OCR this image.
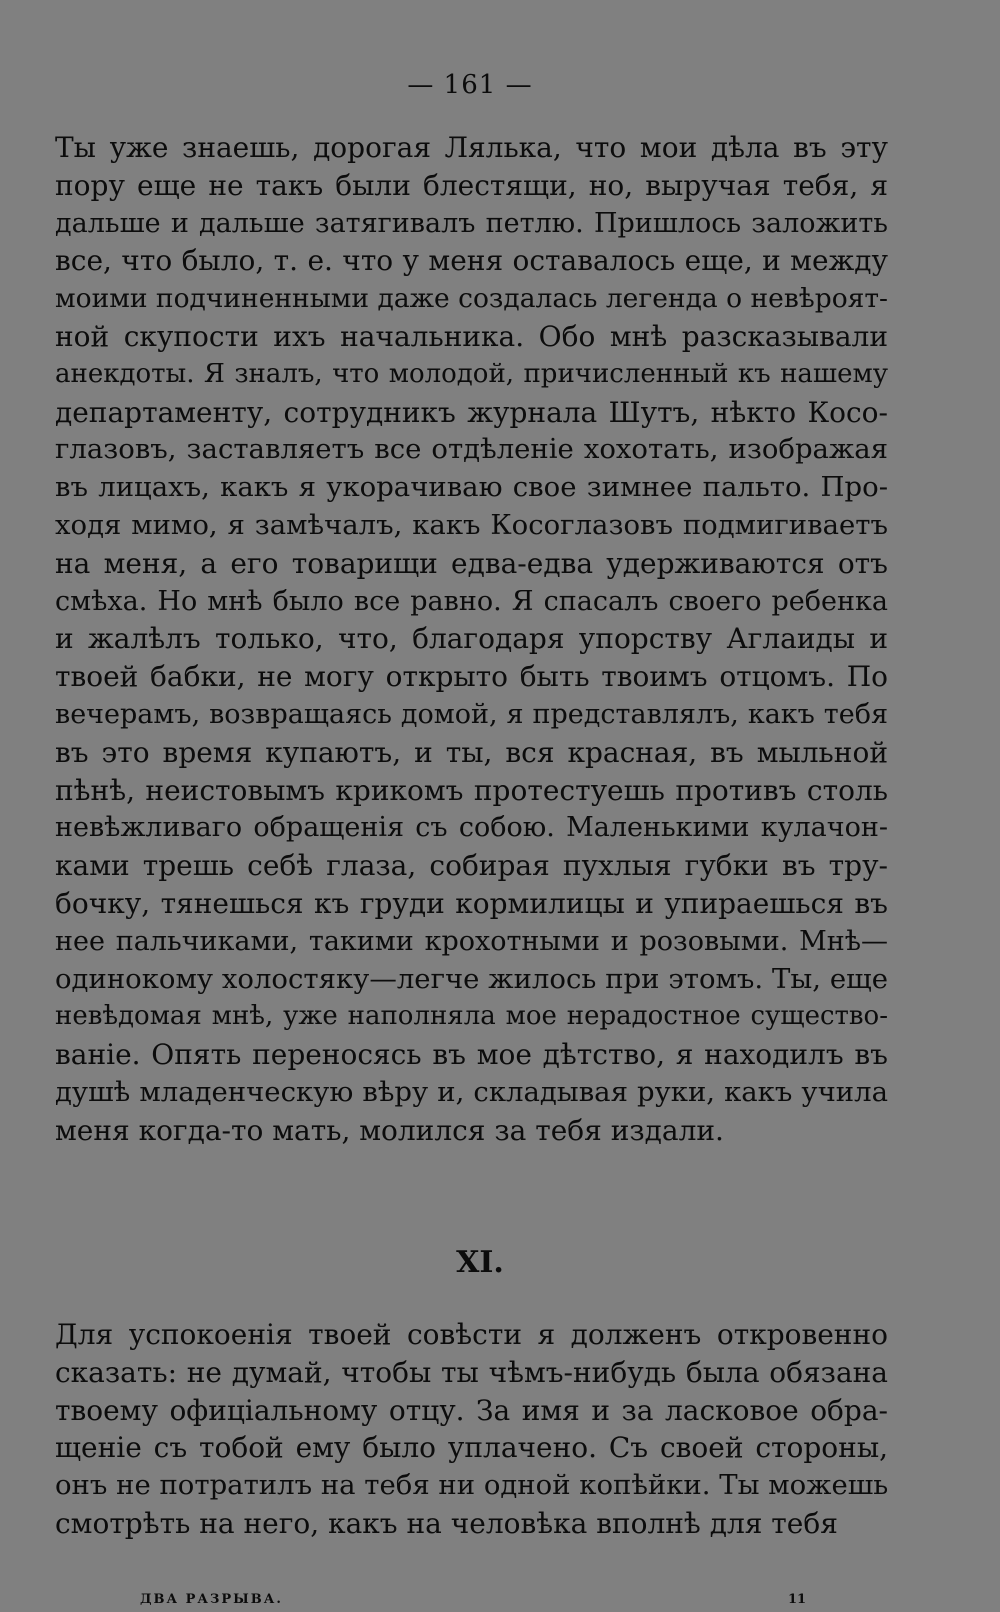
— 161 —
Ты уже знаешь, дорогая Лялька, что мои дѣла въ эту
пору еще не такъ были блестящи, но, выручая тебя, я
дальше и дальше затягивалъ петлю. Пришлось заложить
все, что было, т. е. что у меня оставалось еще, и между
моими подчиненными даже создалась легенда о невѣроят-
ной скупости ихъ начальника. Обо мнѣ разсказывали
анекдоты. Я зналъ, что молодой, причисленный къ нашему
департаменту, сотрудникъ журнала Шутъ, нѣкто Косо-
глазовъ, заставляетъ все отдѣленіе хохотать, изображая
въ лицахъ, какъ я укорачиваю свое зимнее пальто. Про-
ходя мимо, я замѣчалъ, какъ Косоглазовъ подмигиваетъ
на меня, а его товарищи едва-едва удерживаются отъ
смѣха. Но мнѣ было все равно. Я спасалъ своего ребенка
и жалѣлъ только, что, благодаря упорству Аглаиды и
твоей бабки, не могу открыто быть твоимъ отцомъ. По
вечерамъ, возвращаясь домой, я представлялъ, какъ тебя
въ это время купаютъ, и ты, вся красная, въ мыльной
пѣнѣ, неистовымъ крикомъ протестуешь противъ столь
невѣжливаго обращенія съ собою. Маленькими кулачон-
ками трешь себѣ глаза, собирая пухлыя губки въ тру-
бочку, тянешься къ груди кормилицы и упираешься въ
нее пальчиками, такими крохотными и розовыми. Мнѣ—
одинокому холостяку—легче жилось при этомъ. Ты, еще
невѣдомая мнѣ, уже наполняла мое нерадостное существо-
ваніе. Опять переносясь въ мое дѣтство, я находилъ въ
душѣ младенческую вѣру и, складывая руки, какъ учила
меня когда-то мать, молился за тебя издали.
XI.
Для успокоенія твоей совѣсти я долженъ откровенно
сказать: не думай, чтобы ты чѣмъ-нибудь была обязана
твоему офиціальному отцу. За имя и за ласковое обра-
щеніе съ тобой ему было уплачено. Съ своей стороны,
онъ не потратилъ на тебя ни одной копѣйки. Ты можешь
смотрѣть на него, какъ на человѣка вполнѣ для тебя
ДВА РАЗРЫВА.	11
